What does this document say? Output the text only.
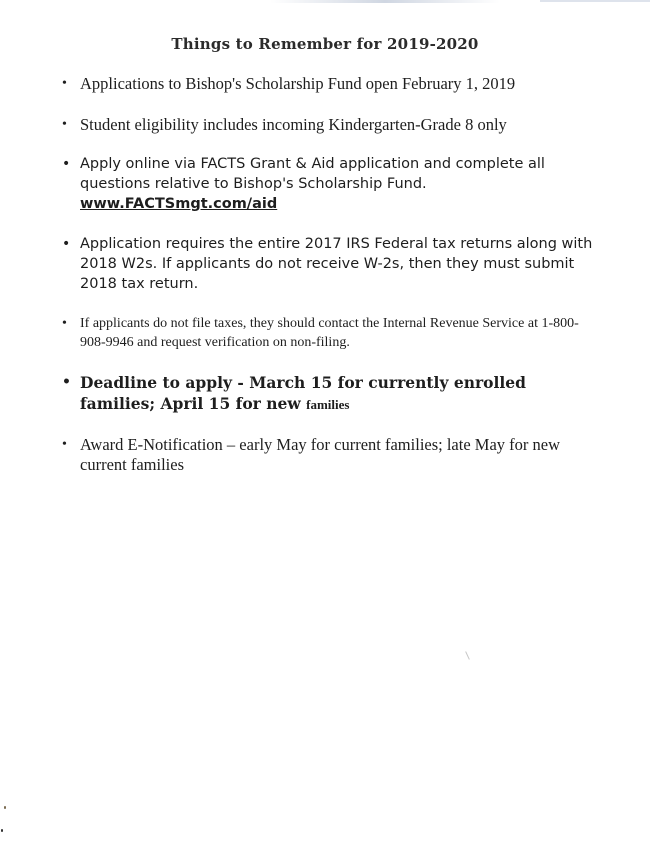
Things to Remember for 2019-2020
• Applications to Bishop's Scholarship Fund open February 1, 2019
• Student eligibility includes incoming Kindergarten-Grade 8 only
• Apply online via FACTS Grant & Aid application and complete all questions relative to Bishop's Scholarship Fund. www.FACTSmgt.com/aid
• Application requires the entire 2017 IRS Federal tax returns along with 2018 W2s. If applicants do not receive W-2s, then they must submit 2018 tax return.
• If applicants do not file taxes, they should contact the Internal Revenue Service at 1-800-908-9946 and request verification on non-filing.
• Deadline to apply - March 15 for currently enrolled families; April 15 for new families
• Award E-Notification – early May for current families; late May for new current families
